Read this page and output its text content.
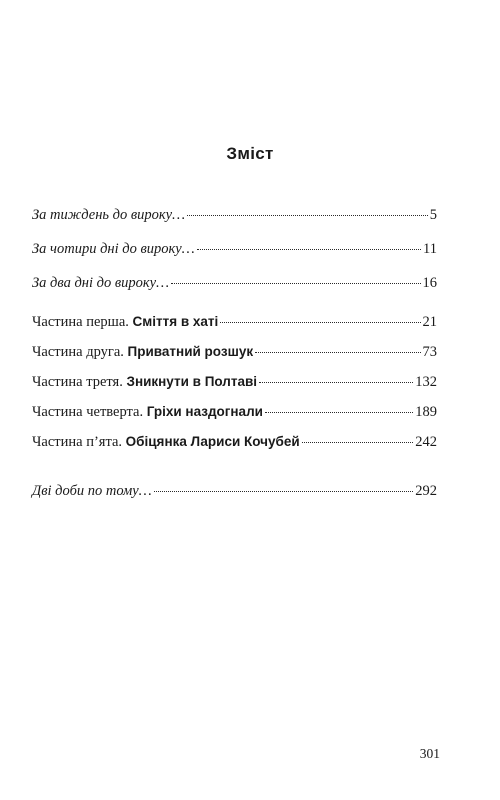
Зміст
За тиждень до вироку…	5
За чотири дні до вироку…	11
За два дні до вироку…	16
Частина перша. Сміття в хаті	21
Частина друга. Приватний розшук	73
Частина третя. Зникнути в Полтаві	132
Частина четверта. Гріхи наздогнали	189
Частина п’ята. Обіцянка Лариси Кочубей	242
Дві доби по тому…	292
301
